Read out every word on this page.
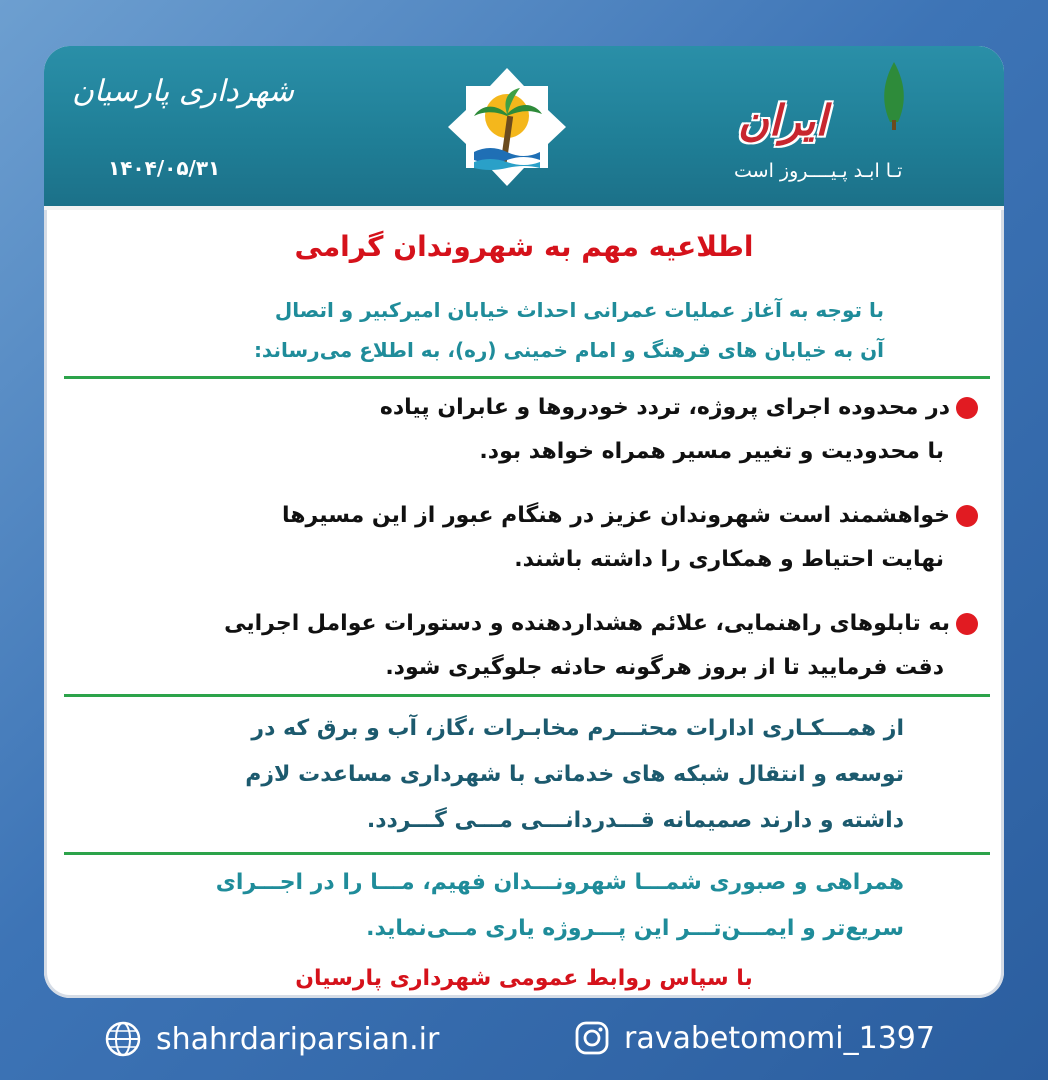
شهرداری پارسیان
۱۴۰۴/۰۵/۳۱
ایران
تـا ابـد پـیــــروز است
اطلاعیه مهم به شهروندان گرامی
با توجه به آغاز عملیات عمرانی احداث خیابان امیرکبیر و اتصال
آن به خیابان های فرهنگ و امام خمینی (ره)، به اطلاع می‌رساند:
در محدوده اجرای پروژه، تردد خودروها و عابران پیاده
با محدودیت و تغییر مسیر همراه خواهد بود.
خواهشمند است شهروندان عزیز در هنگام عبور از این مسیرها
نهایت احتیاط و همکاری را داشته باشند.
به تابلوهای راهنمایی، علائم هشداردهنده و دستورات عوامل اجرایی
دقت فرمایید تا از بروز هرگونه حادثه جلوگیری شود.
از همـــکـاری ادارات محتـــرم مخابـرات ،گاز، آب و برق که در
توسعه و انتقال شبکه های خدماتی با شهرداری مساعدت لازم
داشته و دارند صمیمانه قـــدردانـــی مـــی گـــردد.
همراهی و صبوری شمـــا شهرونـــدان فهیم، مـــا را در اجـــرای
سریع‌تر و ایمـــن‌تـــر این پـــروژه یاری مــی‌نماید.
با سپاس روابط عمومی شهرداری پارسیان
shahrdariparsian.ir	ravabetomomi_1397
